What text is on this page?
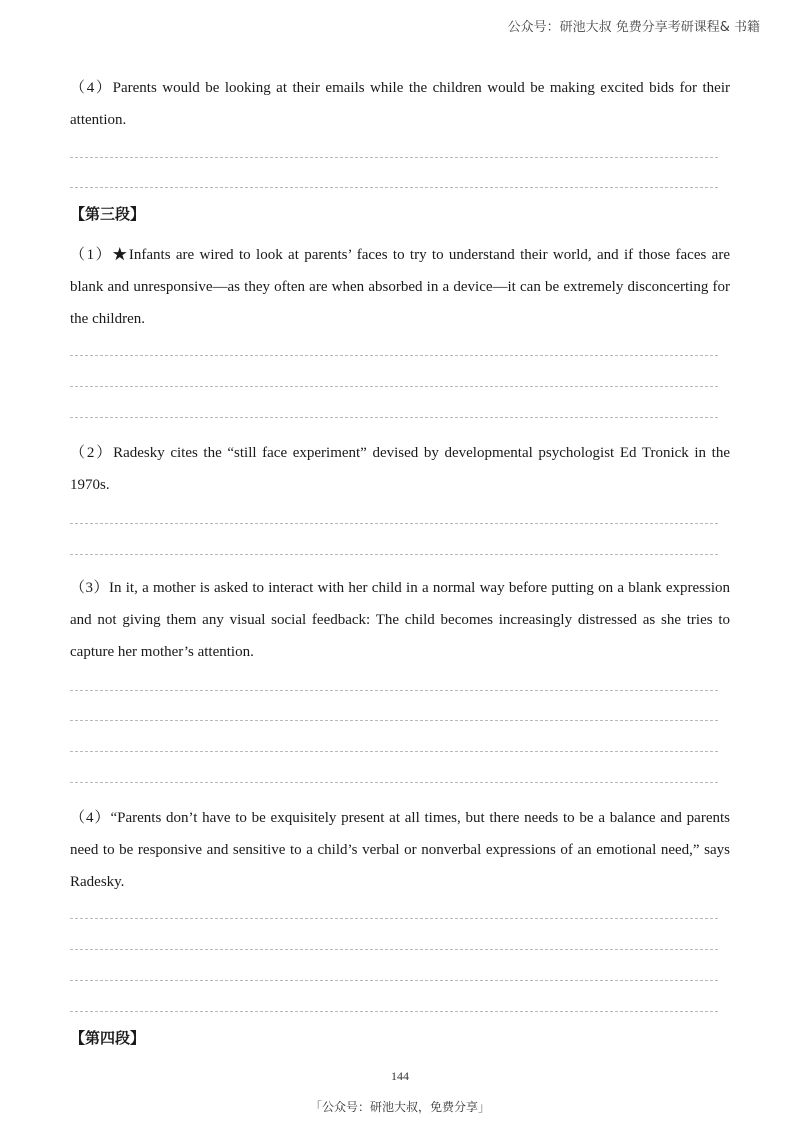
公众号：研池大叔 免费分享考研课程& 书籍
（4）Parents would be looking at their emails while the children would be making excited bids for their attention.
【第三段】
（1）★Infants are wired to look at parents’ faces to try to understand their world, and if those faces are blank and unresponsive—as they often are when absorbed in a device—it can be extremely disconcerting for the children.
（2）Radesky cites the “still face experiment” devised by developmental psychologist Ed Tronick in the 1970s.
（3）In it, a mother is asked to interact with her child in a normal way before putting on a blank expression and not giving them any visual social feedback: The child becomes increasingly distressed as she tries to capture her mother’s attention.
（4）“Parents don’t have to be exquisitely present at all times, but there needs to be a balance and parents need to be responsive and sensitive to a child’s verbal or nonverbal expressions of an emotional need,” says Radesky.
【第四段】
144
「公众号：研池大叔，免费分享」
